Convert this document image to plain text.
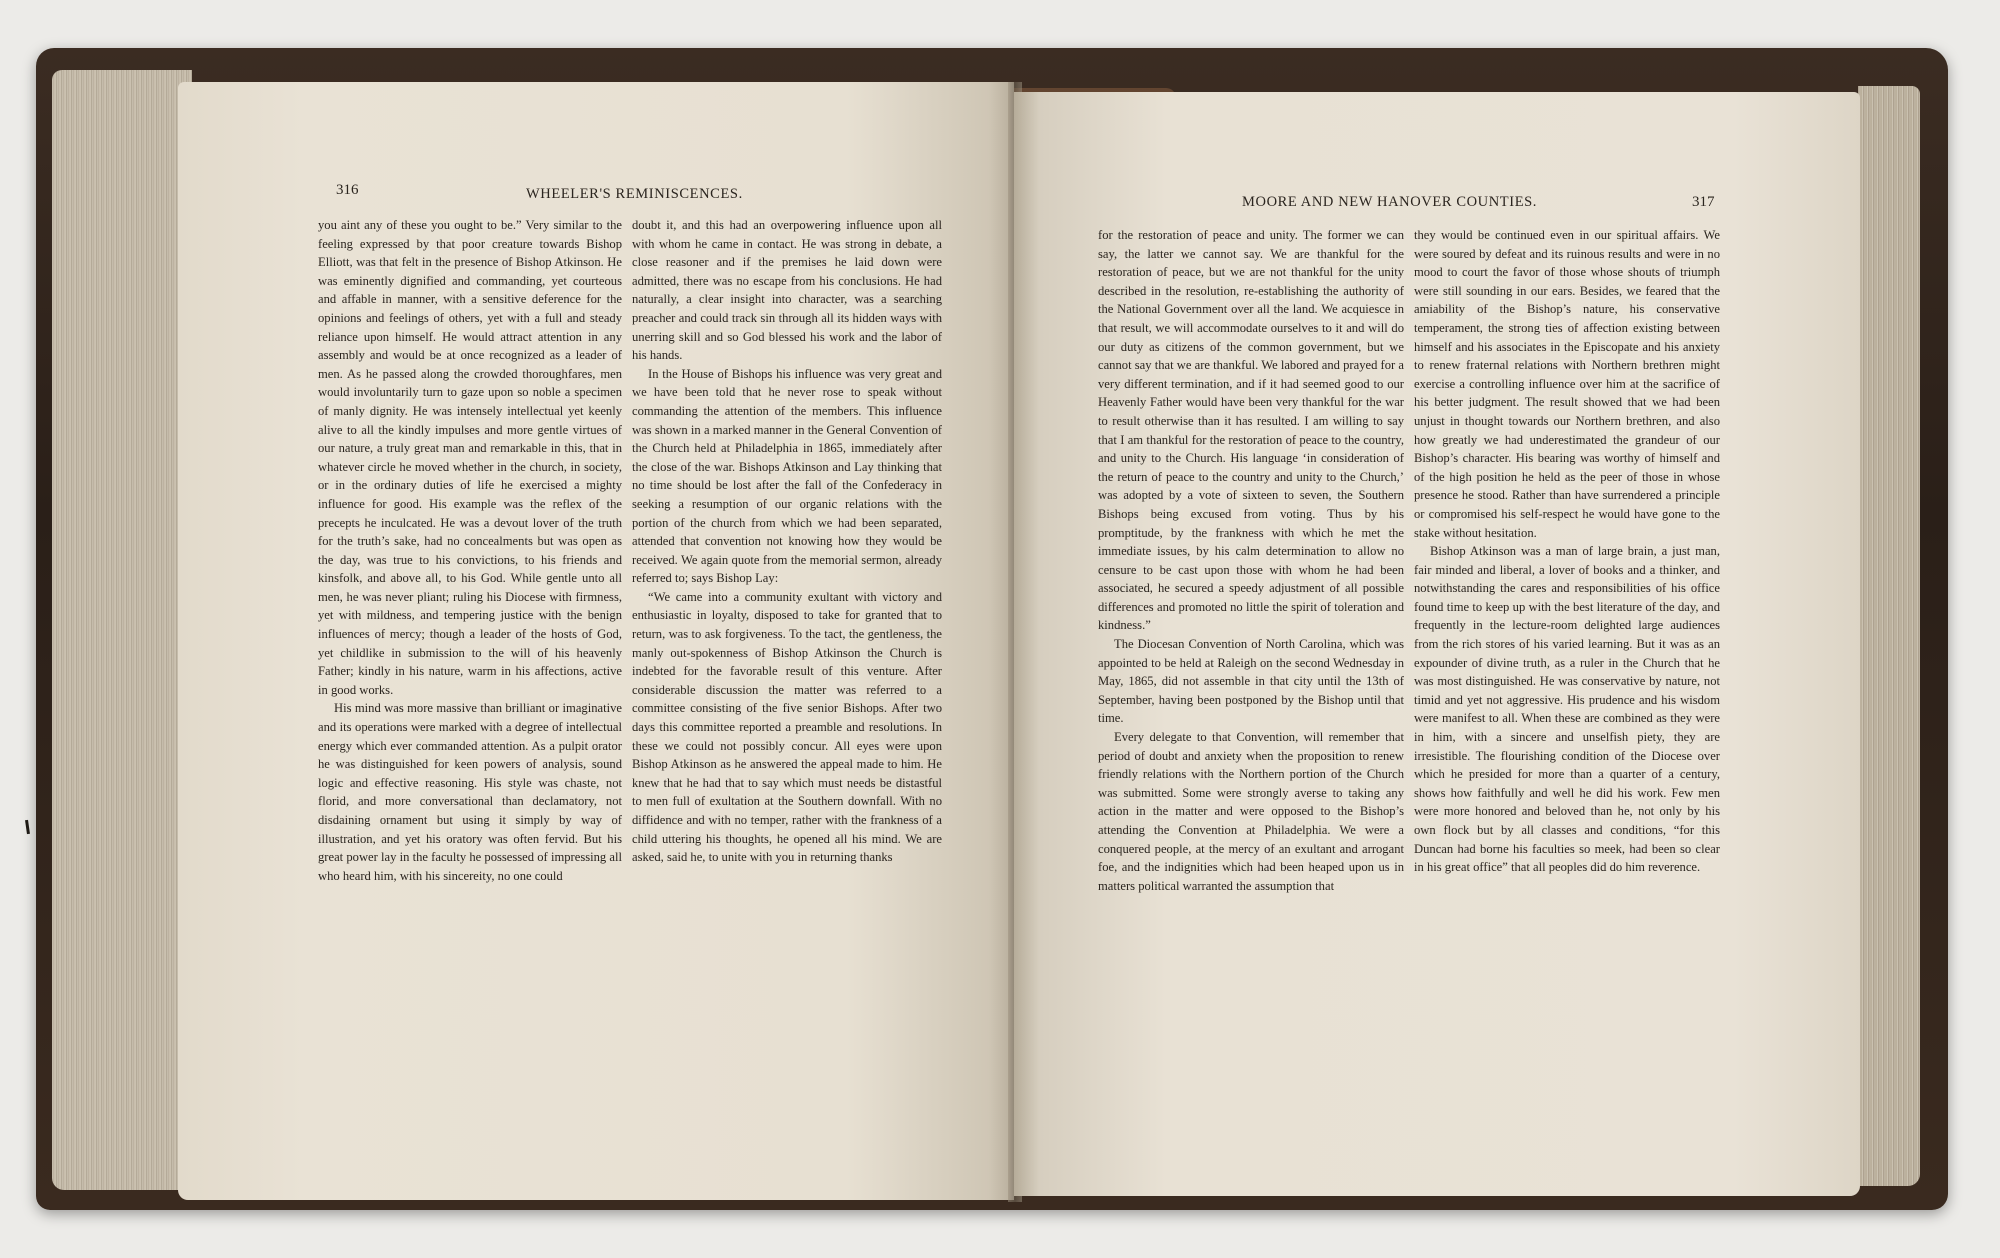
316	WHEELER'S REMINISCENCES.

you aint any of these you ought to be.” Very similar to the feeling expressed by that poor creature towards Bishop Elliott, was that felt in the presence of Bishop Atkinson. He was eminently dignified and commanding, yet courteous and affable in manner, with a sensitive deference for the opinions and feelings of others, yet with a full and steady reliance upon himself. He would attract attention in any assembly and would be at once recognized as a leader of men. As he passed along the crowded thoroughfares, men would involuntarily turn to gaze upon so noble a specimen of manly dignity. He was intensely intellectual yet keenly alive to all the kindly impulses and more gentle virtues of our nature, a truly great man and remarkable in this, that in whatever circle he moved whether in the church, in society, or in the ordinary duties of life he exercised a mighty influence for good. His example was the reflex of the precepts he inculcated. He was a devout lover of the truth for the truth’s sake, had no concealments but was open as the day, was true to his convictions, to his friends and kinsfolk, and above all, to his God. While gentle unto all men, he was never pliant; ruling his Diocese with firmness, yet with mildness, and tempering justice with the benign influences of mercy; though a leader of the hosts of God, yet childlike in submission to the will of his heavenly Father; kindly in his nature, warm in his affections, active in good works.

His mind was more massive than brilliant or imaginative and its operations were marked with a degree of intellectual energy which ever commanded attention. As a pulpit orator he was distinguished for keen powers of analysis, sound logic and effective reasoning. His style was chaste, not florid, and more conversational than declamatory, not disdaining ornament but using it simply by way of illustration, and yet his oratory was often fervid. But his great power lay in the faculty he possessed of impressing all who heard him, with his sincereity, no one could

doubt it, and this had an overpowering influence upon all with whom he came in contact. He was strong in debate, a close reasoner and if the premises he laid down were admitted, there was no escape from his conclusions. He had naturally, a clear insight into character, was a searching preacher and could track sin through all its hidden ways with unerring skill and so God blessed his work and the labor of his hands.

In the House of Bishops his influence was very great and we have been told that he never rose to speak without commanding the attention of the members. This influence was shown in a marked manner in the General Convention of the Church held at Philadelphia in 1865, immediately after the close of the war. Bishops Atkinson and Lay thinking that no time should be lost after the fall of the Confederacy in seeking a resumption of our organic relations with the portion of the church from which we had been separated, attended that convention not knowing how they would be received. We again quote from the memorial sermon, already referred to; says Bishop Lay:

“We came into a community exultant with victory and enthusiastic in loyalty, disposed to take for granted that to return, was to ask forgiveness. To the tact, the gentleness, the manly out-spokenness of Bishop Atkinson the Church is indebted for the favorable result of this venture. After considerable discussion the matter was referred to a committee consisting of the five senior Bishops. After two days this committee reported a preamble and resolutions. In these we could not possibly concur. All eyes were upon Bishop Atkinson as he answered the appeal made to him. He knew that he had that to say which must needs be distastful to men full of exultation at the Southern downfall. With no diffidence and with no temper, rather with the frankness of a child uttering his thoughts, he opened all his mind. We are asked, said he, to unite with you in returning thanks

MOORE AND NEW HANOVER COUNTIES.	317

for the restoration of peace and unity. The former we can say, the latter we cannot say. We are thankful for the restoration of peace, but we are not thankful for the unity described in the resolution, re-establishing the authority of the National Government over all the land. We acquiesce in that result, we will accommodate ourselves to it and will do our duty as citizens of the common government, but we cannot say that we are thankful. We labored and prayed for a very different termination, and if it had seemed good to our Heavenly Father would have been very thankful for the war to result otherwise than it has resulted. I am willing to say that I am thankful for the restoration of peace to the country, and unity to the Church. His language ‘in consideration of the return of peace to the country and unity to the Church,’ was adopted by a vote of sixteen to seven, the Southern Bishops being excused from voting. Thus by his promptitude, by the frankness with which he met the immediate issues, by his calm determination to allow no censure to be cast upon those with whom he had been associated, he secured a speedy adjustment of all possible differences and promoted no little the spirit of toleration and kindness.”

The Diocesan Convention of North Carolina, which was appointed to be held at Raleigh on the second Wednesday in May, 1865, did not assemble in that city until the 13th of September, having been postponed by the Bishop until that time.

Every delegate to that Convention, will remember that period of doubt and anxiety when the proposition to renew friendly relations with the Northern portion of the Church was submitted. Some were strongly averse to taking any action in the matter and were opposed to the Bishop’s attending the Convention at Philadelphia. We were a conquered people, at the mercy of an exultant and arrogant foe, and the indignities which had been heaped upon us in matters political warranted the assumption that

they would be continued even in our spiritual affairs. We were soured by defeat and its ruinous results and were in no mood to court the favor of those whose shouts of triumph were still sounding in our ears. Besides, we feared that the amiability of the Bishop’s nature, his conservative temperament, the strong ties of affection existing between himself and his associates in the Episcopate and his anxiety to renew fraternal relations with Northern brethren might exercise a controlling influence over him at the sacrifice of his better judgment. The result showed that we had been unjust in thought towards our Northern brethren, and also how greatly we had underestimated the grandeur of our Bishop’s character. His bearing was worthy of himself and of the high position he held as the peer of those in whose presence he stood. Rather than have surrendered a principle or compromised his self-respect he would have gone to the stake without hesitation.

Bishop Atkinson was a man of large brain, a just man, fair minded and liberal, a lover of books and a thinker, and notwithstanding the cares and responsibilities of his office found time to keep up with the best literature of the day, and frequently in the lecture-room delighted large audiences from the rich stores of his varied learning. But it was as an expounder of divine truth, as a ruler in the Church that he was most distinguished. He was conservative by nature, not timid and yet not aggressive. His prudence and his wisdom were manifest to all. When these are combined as they were in him, with a sincere and unselfish piety, they are irresistible. The flourishing condition of the Diocese over which he presided for more than a quarter of a century, shows how faithfully and well he did his work. Few men were more honored and beloved than he, not only by his own flock but by all classes and conditions, “for this Duncan had borne his faculties so meek, had been so clear in his great office” that all peoples did do him reverence.
